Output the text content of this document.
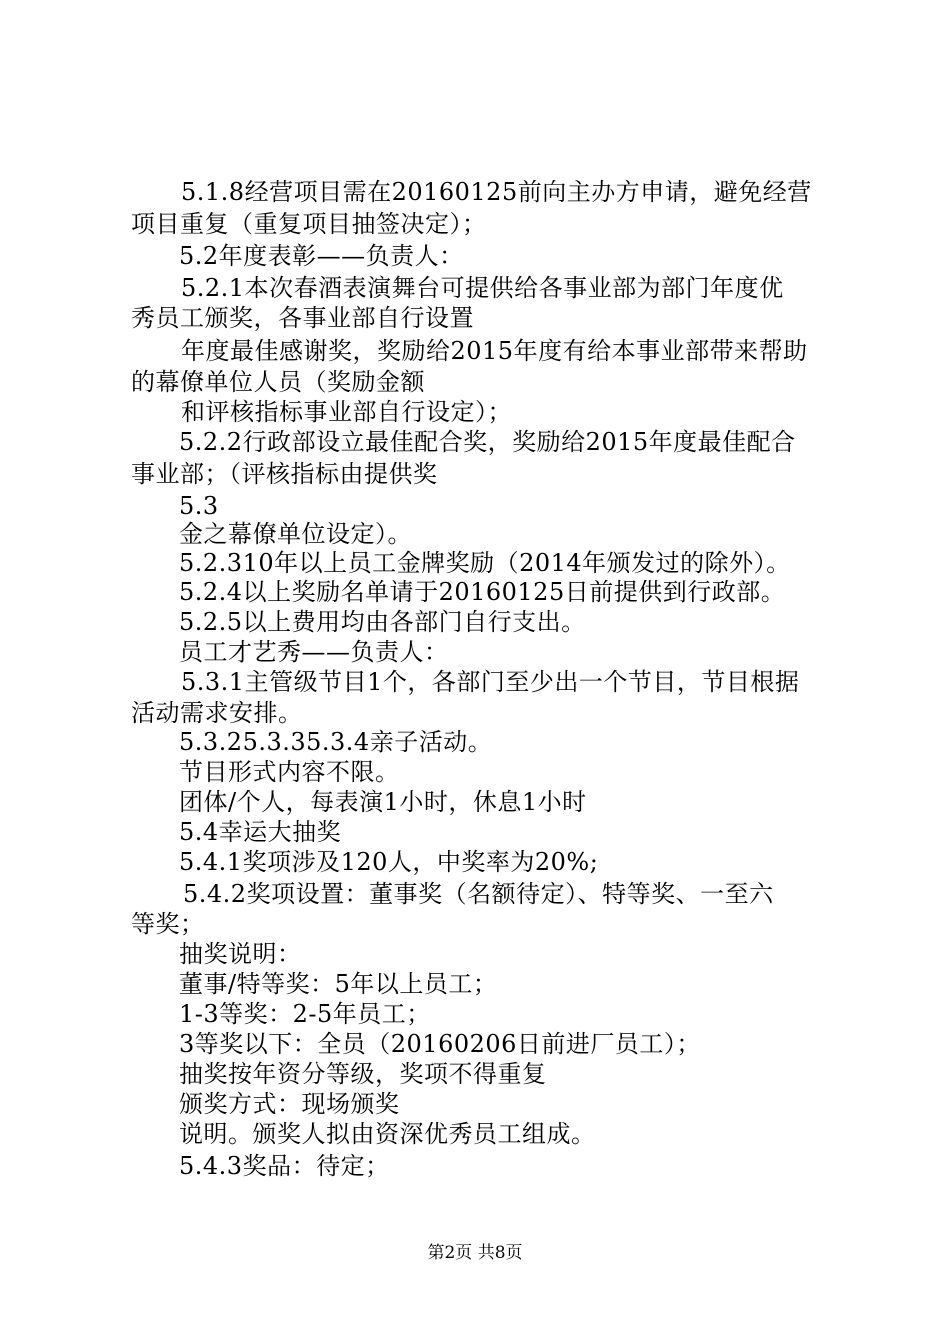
5.1.8经营项目需在20160125前向主办方申请，避免经营
项目重复（重复项目抽签决定）；
5.2年度表彰——负责人：
5.2.1本次春酒表演舞台可提供给各事业部为部门年度优
秀员工颁奖，各事业部自行设置
年度最佳感谢奖，奖励给2015年度有给本事业部带来帮助
的幕僚单位人员（奖励金额
和评核指标事业部自行设定）；
5.2.2行政部设立最佳配合奖，奖励给2015年度最佳配合
事业部；（评核指标由提供奖
5.3
金之幕僚单位设定）。
5.2.310年以上员工金牌奖励（2014年颁发过的除外）。
5.2.4以上奖励名单请于20160125日前提供到行政部。
5.2.5以上费用均由各部门自行支出。
员工才艺秀——负责人：
5.3.1主管级节目1个，各部门至少出一个节目，节目根据
活动需求安排。
5.3.25.3.35.3.4亲子活动。
节目形式内容不限。
团体/个人，每表演1小时，休息1小时
5.4幸运大抽奖
5.4.1奖项涉及120人，中奖率为20%;
5.4.2奖项设置：董事奖（名额待定）、特等奖、一至六
等奖；
抽奖说明：
董事/特等奖：5年以上员工；
1-3等奖：2-5年员工；
3等奖以下：全员（20160206日前进厂员工）；
抽奖按年资分等级，奖项不得重复
颁奖方式：现场颁奖
说明。颁奖人拟由资深优秀员工组成。
5.4.3奖品：待定；
第2页 共8页
